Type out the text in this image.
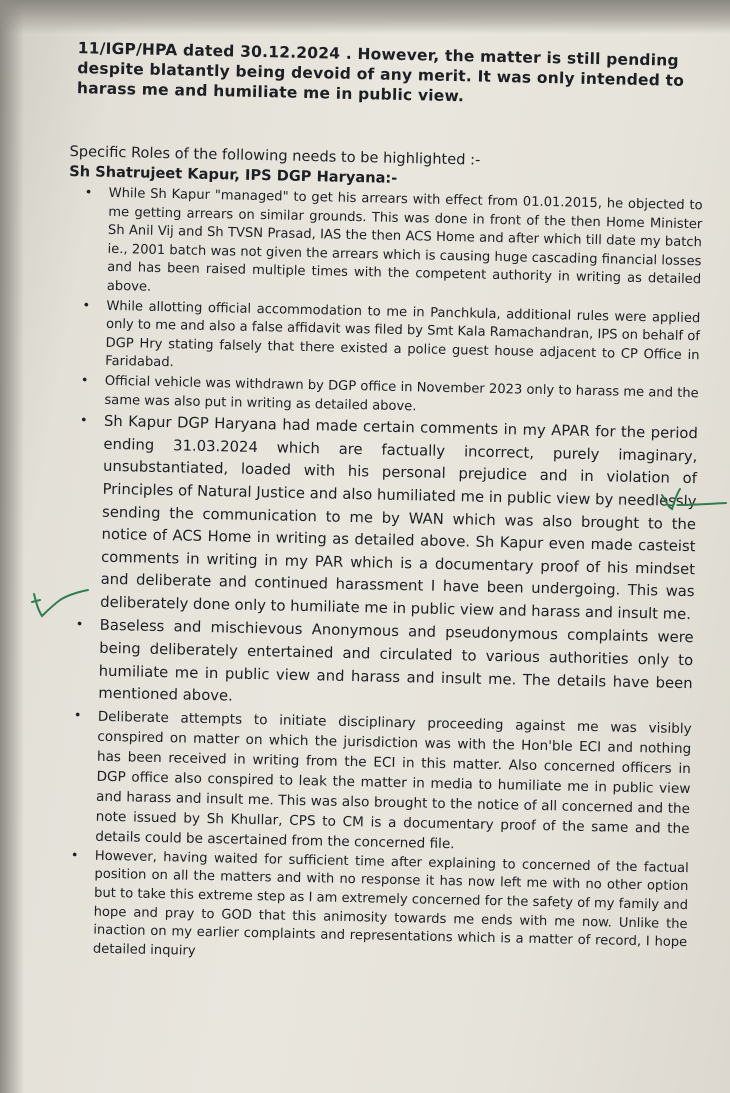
11/IGP/HPA dated 30.12.2024 . However, the matter is still pending despite blatantly being devoid of any merit. It was only intended to harass me and humiliate me in public view.
Specific Roles of the following needs to be highlighted :-
Sh Shatrujeet Kapur, IPS DGP Haryana:-
• While Sh Kapur "managed" to get his arrears with effect from 01.01.2015, he objected to me getting arrears on similar grounds. This was done in front of the then Home Minister Sh Anil Vij and Sh TVSN Prasad, IAS the then ACS Home and after which till date my batch ie., 2001 batch was not given the arrears which is causing huge cascading financial losses and has been raised multiple times with the competent authority in writing as detailed above.
• While allotting official accommodation to me in Panchkula, additional rules were applied only to me and also a false affidavit was filed by Smt Kala Ramachandran, IPS on behalf of DGP Hry stating falsely that there existed a police guest house adjacent to CP Office in Faridabad.
• Official vehicle was withdrawn by DGP office in November 2023 only to harass me and the same was also put in writing as detailed above.
• Sh Kapur DGP Haryana had made certain comments in my APAR for the period ending 31.03.2024 which are factually incorrect, purely imaginary, unsubstantiated, loaded with his personal prejudice and in violation of Principles of Natural Justice and also humiliated me in public view by needlessly sending the communication to me by WAN which was also brought to the notice of ACS Home in writing as detailed above. Sh Kapur even made casteist comments in writing in my PAR which is a documentary proof of his mindset and deliberate and continued harassment I have been undergoing. This was deliberately done only to humiliate me in public view and harass and insult me.
• Baseless and mischievous Anonymous and pseudonymous complaints were being deliberately entertained and circulated to various authorities only to humiliate me in public view and harass and insult me. The details have been mentioned above.
• Deliberate attempts to initiate disciplinary proceeding against me was visibly conspired on matter on which the jurisdiction was with the Hon'ble ECI and nothing has been received in writing from the ECI in this matter. Also concerned officers in DGP office also conspired to leak the matter in media to humiliate me in public view and harass and insult me. This was also brought to the notice of all concerned and the note issued by Sh Khullar, CPS to CM is a documentary proof of the same and the details could be ascertained from the concerned file.
• However, having waited for sufficient time after explaining to concerned of the factual position on all the matters and with no response it has now left me with no other option but to take this extreme step as I am extremely concerned for the safety of my family and hope and pray to GOD that this animosity towards me ends with me now. Unlike the inaction on my earlier complaints and representations which is a matter of record, I hope detailed inquiry
